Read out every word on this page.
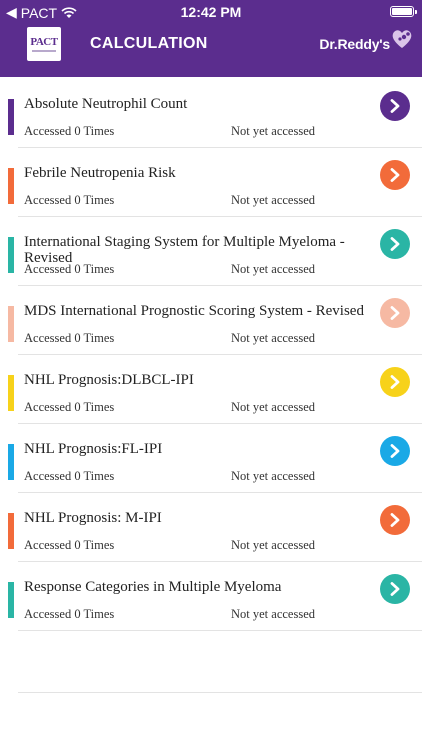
◀ PACT	12:42 PM
PACT CALCULATION	Dr.Reddy's
Absolute Neutrophil Count
Accessed 0 Times	Not yet accessed
Febrile Neutropenia Risk
Accessed 0 Times	Not yet accessed
International Staging System for Multiple Myeloma - Revised
Accessed 0 Times	Not yet accessed
MDS International Prognostic Scoring System - Revised
Accessed 0 Times	Not yet accessed
NHL Prognosis:DLBCL-IPI
Accessed 0 Times	Not yet accessed
NHL Prognosis:FL-IPI
Accessed 0 Times	Not yet accessed
NHL Prognosis: M-IPI
Accessed 0 Times	Not yet accessed
Response Categories in Multiple Myeloma
Accessed 0 Times	Not yet accessed
